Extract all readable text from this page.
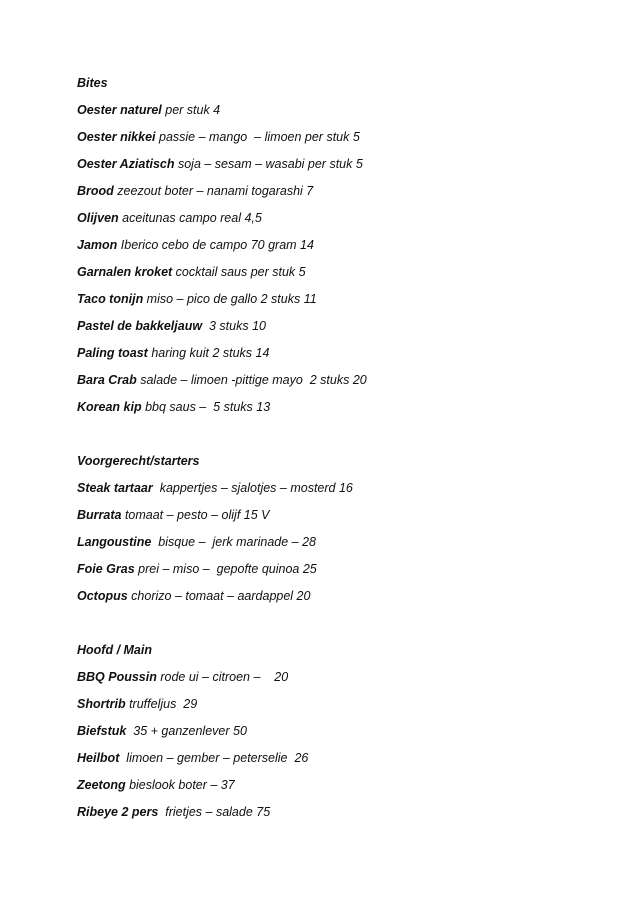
Bites
Oester naturel per stuk 4
Oester nikkei passie – mango  – limoen per stuk 5
Oester Aziatisch soja – sesam – wasabi per stuk 5
Brood zeezout boter – nanami togarashi 7
Olijven aceitunas campo real 4,5
Jamon Iberico cebo de campo 70 gram 14
Garnalen kroket cocktail saus per stuk 5
Taco tonijn miso – pico de gallo 2 stuks 11
Pastel de bakkeljauw  3 stuks 10
Paling toast haring kuit 2 stuks 14
Bara Crab salade – limoen -pittige mayo  2 stuks 20
Korean kip bbq saus –  5 stuks 13
Voorgerecht/starters
Steak tartaar  kappertjes – sjalotjes – mosterd 16
Burrata tomaat – pesto – olijf 15 V
Langoustine  bisque –  jerk marinade – 28
Foie Gras prei – miso –  gepofte quinoa 25
Octopus chorizo – tomaat – aardappel 20
Hoofd / Main
BBQ Poussin rode ui – citroen –    20
Shortrib truffeljus  29
Biefstuk  35 + ganzenlever 50
Heilbot  limoen – gember – peterselie  26
Zeetong bieslook boter – 37
Ribeye 2 pers  frietjes – salade 75
